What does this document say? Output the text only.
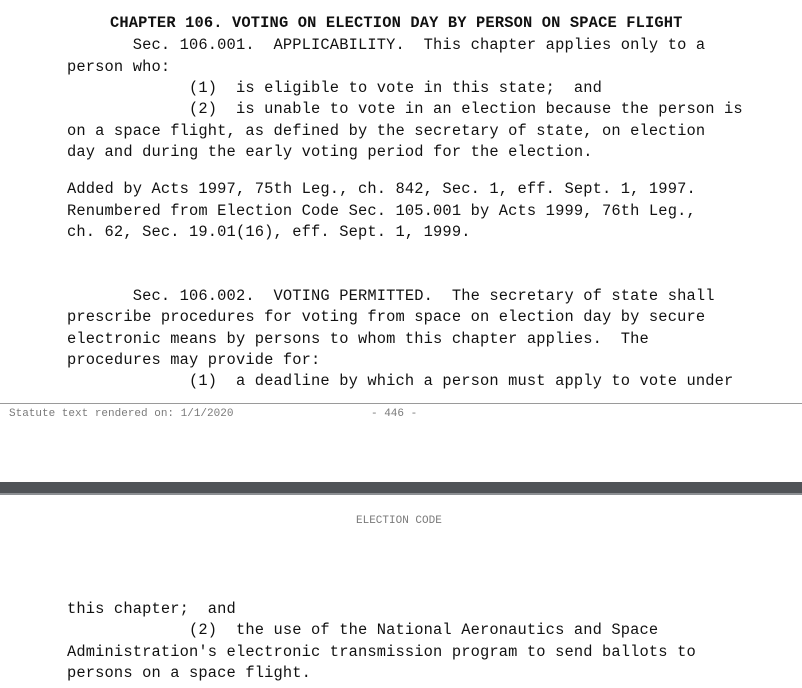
CHAPTER 106. VOTING ON ELECTION DAY BY PERSON ON SPACE FLIGHT
Sec. 106.001.  APPLICABILITY.  This chapter applies only to a
person who:
(1)  is eligible to vote in this state;  and
(2)  is unable to vote in an election because the person is
on a space flight, as defined by the secretary of state, on election
day and during the early voting period for the election.
Added by Acts 1997, 75th Leg., ch. 842, Sec. 1, eff. Sept. 1, 1997.
Renumbered from Election Code Sec. 105.001 by Acts 1999, 76th Leg.,
ch. 62, Sec. 19.01(16), eff. Sept. 1, 1999.
Sec. 106.002.  VOTING PERMITTED.  The secretary of state shall
prescribe procedures for voting from space on election day by secure
electronic means by persons to whom this chapter applies.  The
procedures may provide for:
(1)  a deadline by which a person must apply to vote under
Statute text rendered on: 1/1/2020	- 446 -
ELECTION CODE
this chapter;  and
(2)  the use of the National Aeronautics and Space
Administration's electronic transmission program to send ballots to
persons on a space flight.
